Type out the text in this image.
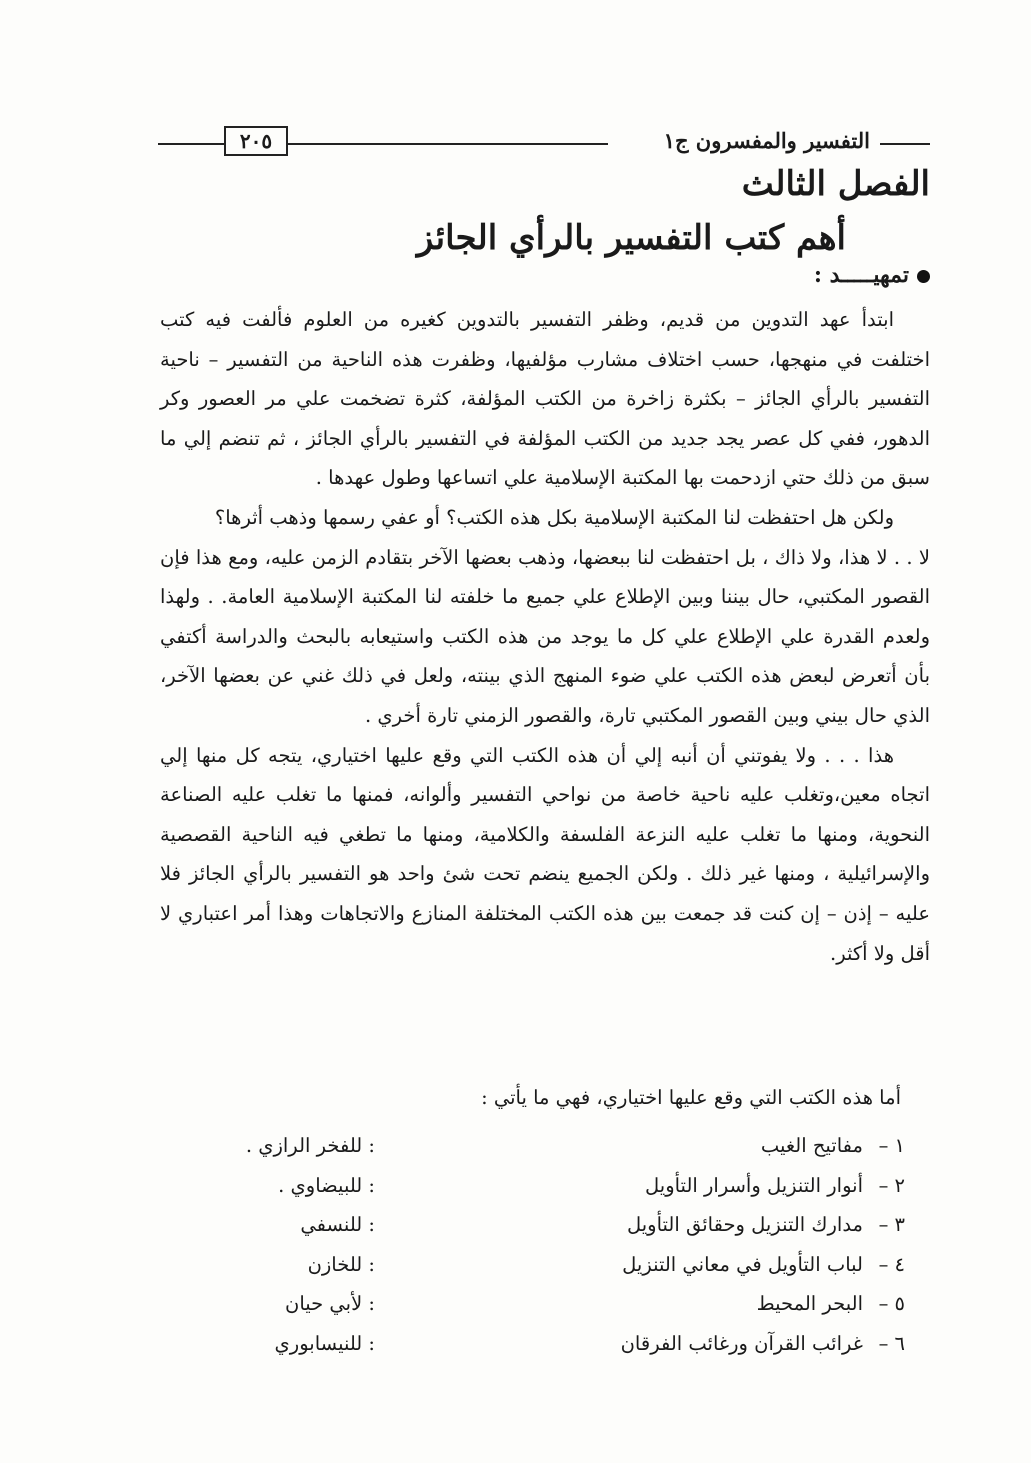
٢٠٥	التفسير والمفسرون ج١
الفصل الثالث
أهم كتب التفسير بالرأي الجائز
تمهيـــــد :

ابتدأ عهد التدوين من قديم، وظفر التفسير بالتدوين كغيره من العلوم فألفت فيه كتب اختلفت في منهجها، حسب اختلاف مشارب مؤلفيها، وظفرت هذه الناحية من التفسير – ناحية التفسير بالرأي الجائز – بكثرة زاخرة من الكتب المؤلفة، كثرة تضخمت علي مر العصور وكر الدهور، ففي كل عصر يجد جديد من الكتب المؤلفة في التفسير بالرأي الجائز ، ثم تنضم إلي ما سبق من ذلك حتي ازدحمت بها المكتبة الإسلامية علي اتساعها وطول عهدها .

ولكن هل احتفظت لنا المكتبة الإسلامية بكل هذه الكتب؟ أو عفي رسمها وذهب أثرها؟

لا . . لا هذا، ولا ذاك ، بل احتفظت لنا ببعضها، وذهب بعضها الآخر بتقادم الزمن عليه، ومع هذا فإن القصور المكتبي، حال بيننا وبين الإطلاع علي جميع ما خلفته لنا المكتبة الإسلامية العامة. . ولهذا ولعدم القدرة علي الإطلاع علي كل ما يوجد من هذه الكتب واستيعابه بالبحث والدراسة أكتفي بأن أتعرض لبعض هذه الكتب علي ضوء المنهج الذي بينته، ولعل في ذلك غني عن بعضها الآخر، الذي حال بيني وبين القصور المكتبي تارة، والقصور الزمني تارة أخري .

هذا . . . ولا يفوتني أن أنبه إلي أن هذه الكتب التي وقع عليها اختياري، يتجه كل منها إلي اتجاه معين،وتغلب عليه ناحية خاصة من نواحي التفسير وألوانه، فمنها ما تغلب عليه الصناعة النحوية، ومنها ما تغلب عليه النزعة الفلسفة والكلامية، ومنها ما تطغي فيه الناحية القصصية والإسرائيلية ، ومنها غير ذلك . ولكن الجميع ينضم تحت شئ واحد هو التفسير بالرأي الجائز فلا عليه – إذن – إن كنت قد جمعت بين هذه الكتب المختلفة المنازع والاتجاهات وهذا أمر اعتباري لا أقل ولا أكثر.

أما هذه الكتب التي وقع عليها اختياري، فهي ما يأتي :
١ –
مفاتيح الغيب
: للفخر الرازي .
٢ –
أنوار التنزيل وأسرار التأويل
: للبيضاوي .
٣ –
مدارك التنزيل وحقائق التأويل
: للنسفي
٤ –
لباب التأويل في معاني التنزيل
: للخازن
٥ –
البحر المحيط
: لأبي حيان
٦ –
غرائب القرآن ورغائب الفرقان
: للنيسابوري
